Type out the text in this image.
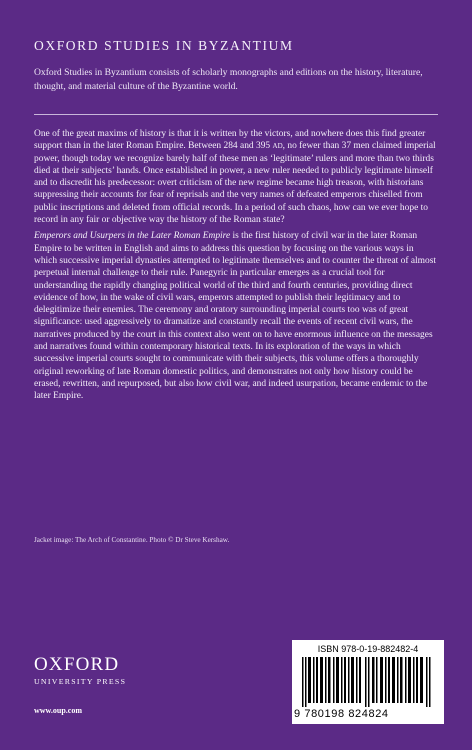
OXFORD STUDIES IN BYZANTIUM
Oxford Studies in Byzantium consists of scholarly monographs and editions on the history, literature, thought, and material culture of the Byzantine world.

One of the great maxims of history is that it is written by the victors, and nowhere does this find greater support than in the later Roman Empire. Between 284 and 395 ad, no fewer than 37 men claimed imperial power, though today we recognize barely half of these men as ‘legitimate’ rulers and more than two thirds died at their subjects’ hands. Once established in power, a new ruler needed to publicly legitimate himself and to discredit his predecessor: overt criticism of the new regime became high treason, with historians suppressing their accounts for fear of reprisals and the very names of defeated emperors chiselled from public inscriptions and deleted from official records. In a period of such chaos, how can we ever hope to record in any fair or objective way the history of the Roman state?

Emperors and Usurpers in the Later Roman Empire is the first history of civil war in the later Roman Empire to be written in English and aims to address this question by focusing on the various ways in which successive imperial dynasties attempted to legitimate themselves and to counter the threat of almost perpetual internal challenge to their rule. Panegyric in particular emerges as a crucial tool for understanding the rapidly changing political world of the third and fourth centuries, providing direct evidence of how, in the wake of civil wars, emperors attempted to publish their legitimacy and to delegitimize their enemies. The ceremony and oratory surrounding imperial courts too was of great significance: used aggressively to dramatize and constantly recall the events of recent civil wars, the narratives produced by the court in this context also went on to have enormous influence on the messages and narratives found within contemporary historical texts. In its exploration of the ways in which successive imperial courts sought to communicate with their subjects, this volume offers a thoroughly original reworking of late Roman domestic politics, and demonstrates not only how history could be erased, rewritten, and repurposed, but also how civil war, and indeed usurpation, became endemic to the later Empire.

Jacket image: The Arch of Constantine. Photo © Dr Steve Kershaw.
OXFORD
UNIVERSITY PRESS
www.oup.com
ISBN 978-0-19-882482-4
9 780198 824824
